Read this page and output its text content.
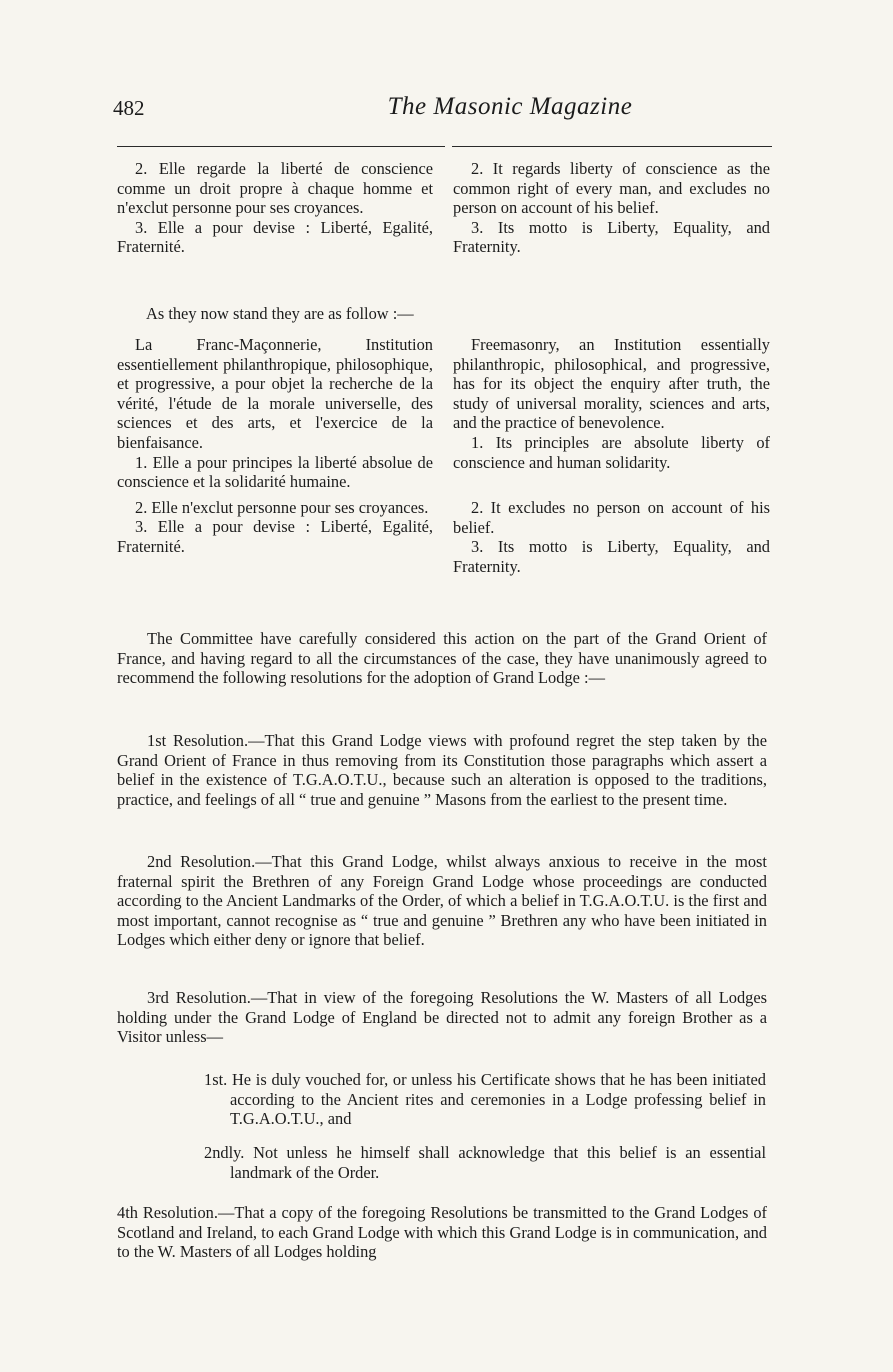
482	The Masonic Magazine

2. Elle regarde la liberté de conscience comme un droit propre à chaque homme et n'exclut personne pour ses croyances.

3. Elle a pour devise : Liberté, Egalité, Fraternité.

2. It regards liberty of conscience as the common right of every man, and excludes no person on account of his belief.

3. Its motto is Liberty, Equality, and Fraternity.

As they now stand they are as follow :—

La Franc-Maçonnerie, Institution essentiellement philanthropique, philosophique, et progressive, a pour objet la recherche de la vérité, l'étude de la morale universelle, des sciences et des arts, et l'exercice de la bienfaisance.

1. Elle a pour principes la liberté absolue de conscience et la solidarité humaine.

2. Elle n'exclut personne pour ses croyances.

3. Elle a pour devise : Liberté, Egalité, Fraternité.

Freemasonry, an Institution essentially philanthropic, philosophical, and progressive, has for its object the enquiry after truth, the study of universal morality, sciences and arts, and the practice of benevolence.

1. Its principles are absolute liberty of conscience and human solidarity.

2. It excludes no person on account of his belief.

3. Its motto is Liberty, Equality, and Fraternity.

The Committee have carefully considered this action on the part of the Grand Orient of France, and having regard to all the circumstances of the case, they have unanimously agreed to recommend the following resolutions for the adoption of Grand Lodge :—

1st Resolution.—That this Grand Lodge views with profound regret the step taken by the Grand Orient of France in thus removing from its Constitution those paragraphs which assert a belief in the existence of T.G.A.O.T.U., because such an alteration is opposed to the traditions, practice, and feelings of all “ true and genuine ” Masons from the earliest to the present time.

2nd Resolution.—That this Grand Lodge, whilst always anxious to receive in the most fraternal spirit the Brethren of any Foreign Grand Lodge whose proceedings are conducted according to the Ancient Landmarks of the Order, of which a belief in T.G.A.O.T.U. is the first and most important, cannot recognise as “ true and genuine ” Brethren any who have been initiated in Lodges which either deny or ignore that belief.

3rd Resolution.—That in view of the foregoing Resolutions the W. Masters of all Lodges holding under the Grand Lodge of England be directed not to admit any foreign Brother as a Visitor unless—

1st. He is duly vouched for, or unless his Certificate shows that he has been initiated according to the Ancient rites and ceremonies in a Lodge professing belief in T.G.A.O.T.U., and
2ndly. Not unless he himself shall acknowledge that this belief is an essential landmark of the Order.

4th Resolution.—That a copy of the foregoing Resolutions be transmitted to the Grand Lodges of Scotland and Ireland, to each Grand Lodge with which this Grand Lodge is in communication, and to the W. Masters of all Lodges holding
